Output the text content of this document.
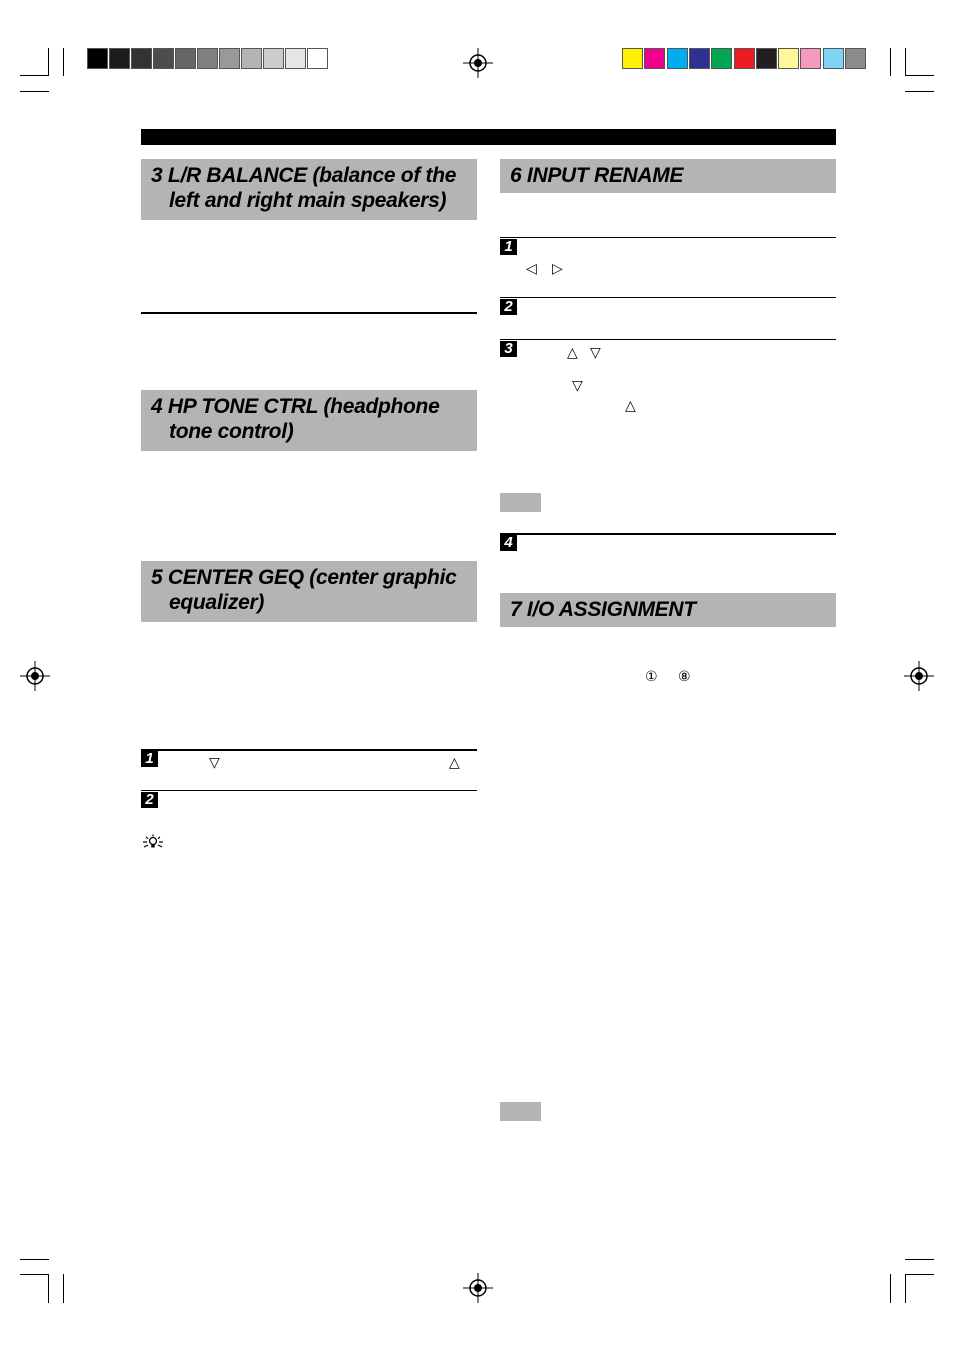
3 L/R BALANCE (balance of the
left and right main speakers)
4 HP TONE CTRL (headphone
tone control)
5 CENTER GEQ (center graphic
equalizer)
1	▽	△
2
6 INPUT RENAME
1
◁ ▷
2
3	△ ▽
▽
△
4
7 I/O ASSIGNMENT
① ⑧
